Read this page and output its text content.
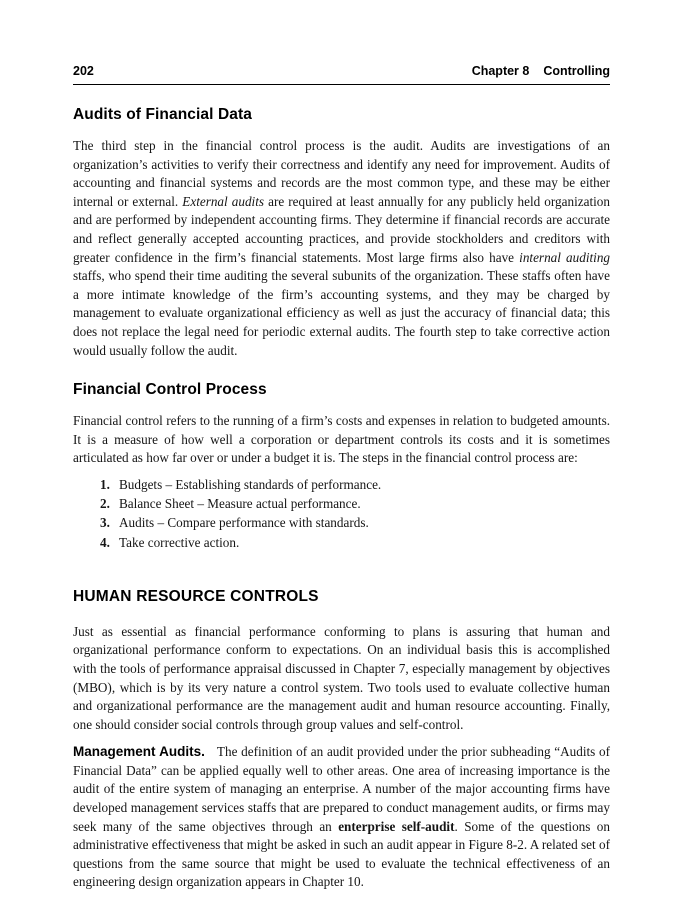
202	Chapter 8 Controlling
Audits of Financial Data

The third step in the financial control process is the audit. Audits are investigations of an organization’s activities to verify their correctness and identify any need for improvement. Audits of accounting and financial systems and records are the most common type, and these may be either internal or external. External audits are required at least annually for any publicly held organization and are performed by independent accounting firms. They determine if financial records are accurate and reflect generally accepted accounting practices, and provide stockholders and creditors with greater confidence in the firm’s financial statements. Most large firms also have internal auditing staffs, who spend their time auditing the several subunits of the organization. These staffs often have a more intimate knowledge of the firm’s accounting systems, and they may be charged by management to evaluate organizational efficiency as well as just the accuracy of financial data; this does not replace the legal need for periodic external audits. The fourth step to take corrective action would usually follow the audit.

Financial Control Process

Financial control refers to the running of a firm’s costs and expenses in relation to budgeted amounts. It is a measure of how well a corporation or department controls its costs and it is sometimes articulated as how far over or under a budget it is. The steps in the financial control process are:

1. Budgets – Establishing standards of performance.
2. Balance Sheet – Measure actual performance.
3. Audits – Compare performance with standards.
4. Take corrective action.
HUMAN RESOURCE CONTROLS

Just as essential as financial performance conforming to plans is assuring that human and organizational performance conform to expectations. On an individual basis this is accomplished with the tools of performance appraisal discussed in Chapter 7, especially management by objectives (MBO), which is by its very nature a control system. Two tools used to evaluate collective human and organizational performance are the management audit and human resource accounting. Finally, one should consider social controls through group values and self-control.

Management Audits. The definition of an audit provided under the prior subheading “Audits of Financial Data” can be applied equally well to other areas. One area of increasing importance is the audit of the entire system of managing an enterprise. A number of the major accounting firms have developed management services staffs that are prepared to conduct management audits, or firms may seek many of the same objectives through an enterprise self-audit. Some of the questions on administrative effectiveness that might be asked in such an audit appear in Figure 8-2. A related set of questions from the same source that might be used to evaluate the technical effectiveness of an engineering design organization appears in Chapter 10.
